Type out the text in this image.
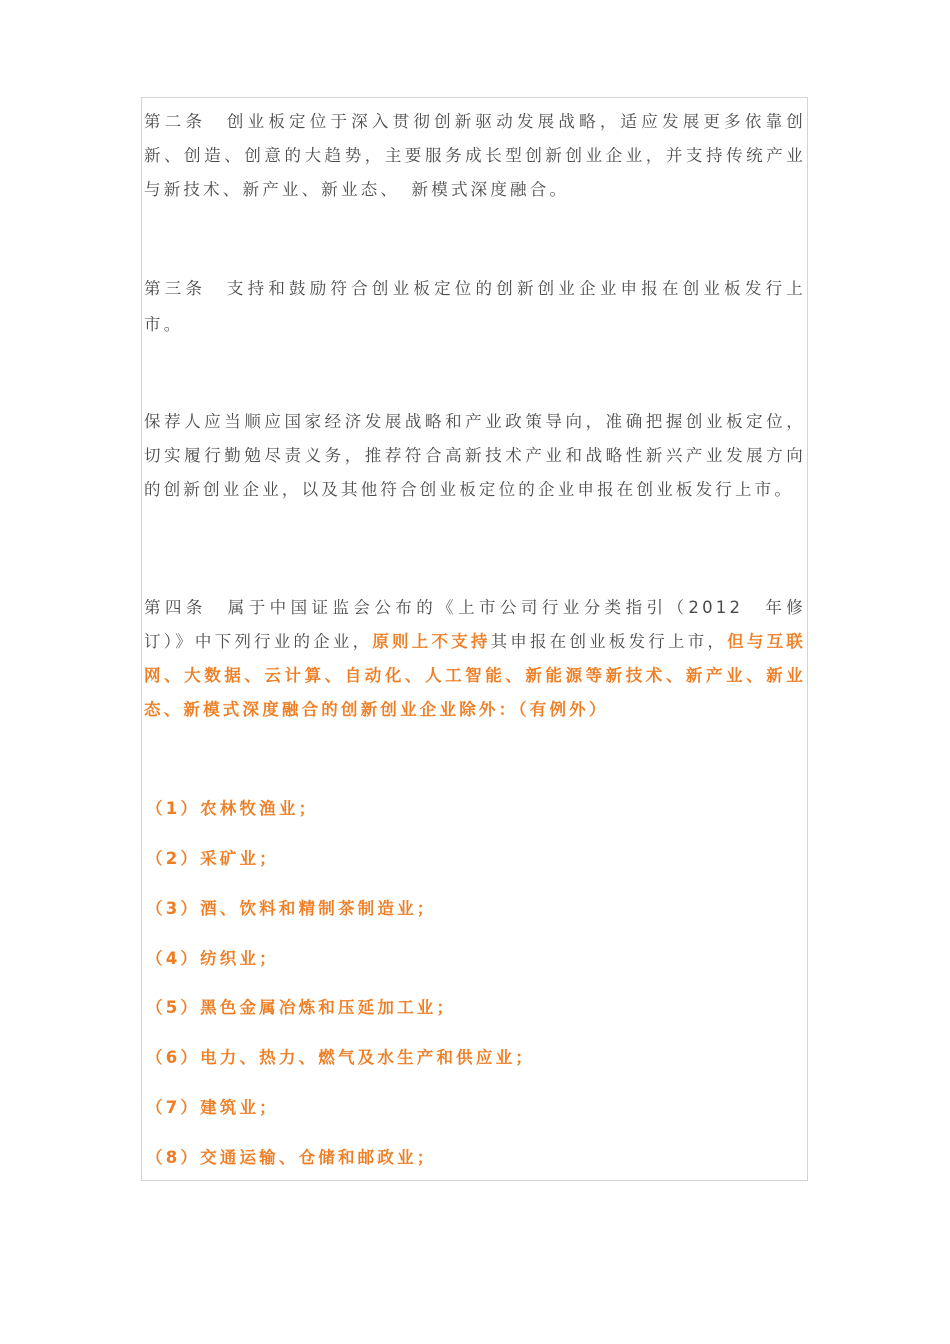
第二条　创业板定位于深入贯彻创新驱动发展战略，适应发展更多依靠创新、创造、创意的大趋势，主要服务成长型创新创业企业，并支持传统产业与新技术、新产业、新业态、　新模式深度融合。

第三条　支持和鼓励符合创业板定位的创新创业企业申报在创业板发行上市。

保荐人应当顺应国家经济发展战略和产业政策导向，准确把握创业板定位，切实履行勤勉尽责义务，推荐符合高新技术产业和战略性新兴产业发展方向的创新创业企业，以及其他符合创业板定位的企业申报在创业板发行上市。

第四条　属于中国证监会公布的《上市公司行业分类指引（2012　年修订）》中下列行业的企业，原则上不支持其申报在创业板发行上市，但与互联网、大数据、云计算、自动化、人工智能、新能源等新技术、新产业、新业态、新模式深度融合的创新创业企业除外：（有例外）

（1）农林牧渔业；

（2）采矿业；

（3）酒、饮料和精制茶制造业；

（4）纺织业；

（5）黑色金属冶炼和压延加工业；

（6）电力、热力、燃气及水生产和供应业；

（7）建筑业；

（8）交通运输、仓储和邮政业；
